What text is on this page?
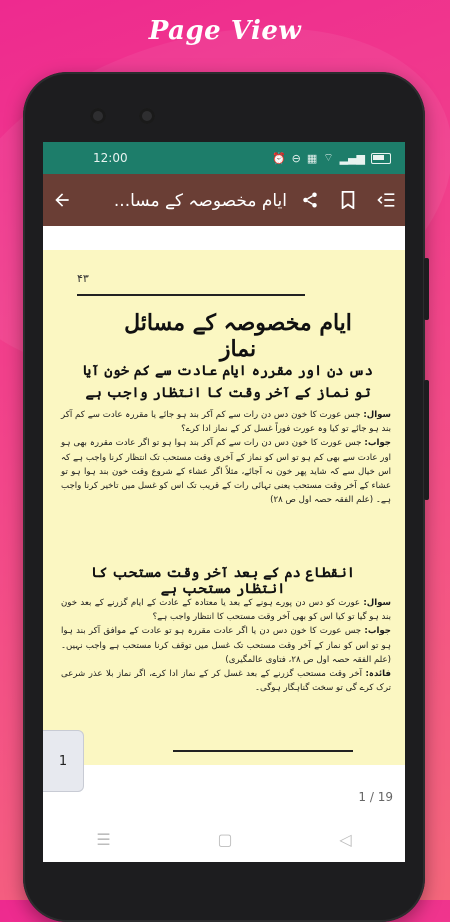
Page View
12:00	⏰ ⊖ ▦ ⌔ ▂▄▆
ایام مخصوصہ کے مسا...
۴۳
ایام مخصوصہ کے مسائل نماز
دس دن اور مقررہ ایام عادت سے کم خون آیا تو نماز کے آخر وقت کا انتظار واجب ہے
سوال: جس عورت کا خون دس دن رات سے کم آکر بند ہو جائے یا مقررہ عادت سے کم آکر بند ہو جائے تو کیا وہ عورت فوراً غسل کر کے نماز ادا کرے؟
جواب: جس عورت کا خون دس دن رات سے کم آکر بند ہوا ہو تو اگر عادت مقررہ بھی ہو اور عادت سے بھی کم ہو تو اس کو نماز کے آخری وقت مستحب تک انتظار کرنا واجب ہے کہ اس خیال سے کہ شاید پھر خون نہ آجائے، مثلاً اگر عشاء کے شروع وقت خون بند ہوا ہو تو عشاء کے آخر وقت مستحب یعنی تہائی رات کے قریب تک اس کو غسل میں تاخیر کرنا واجب ہے۔ (علم الفقہ حصہ اول ص ۲۸)
انقطاع دم کے بعد آخر وقت مستحب کا انتظار مستحب ہے
سوال: عورت کو دس دن پورے ہونے کے بعد یا معتادہ کے عادت کے ایام گزرنے کے بعد خون بند ہو گیا تو کیا اس کو بھی آخر وقت مستحب کا انتظار واجب ہے؟
جواب: جس عورت کا خون دس دن یا اگر عادت مقررہ ہو تو عادت کے موافق آکر بند ہوا ہو تو اس کو نماز کے آخر وقت مستحب تک غسل میں توقف کرنا مستحب ہے واجب نہیں۔ (علم الفقہ حصہ اول ص ۲۸، فتاوی عالمگیری)
فائدہ: آخر وقت مستحب گزرنے کے بعد غسل کر کے نماز ادا کرے، اگر نماز بلا عذر شرعی ترک کرے گی تو سخت گناہگار ہوگی۔
1
1 / 19
☰	▢	◁
